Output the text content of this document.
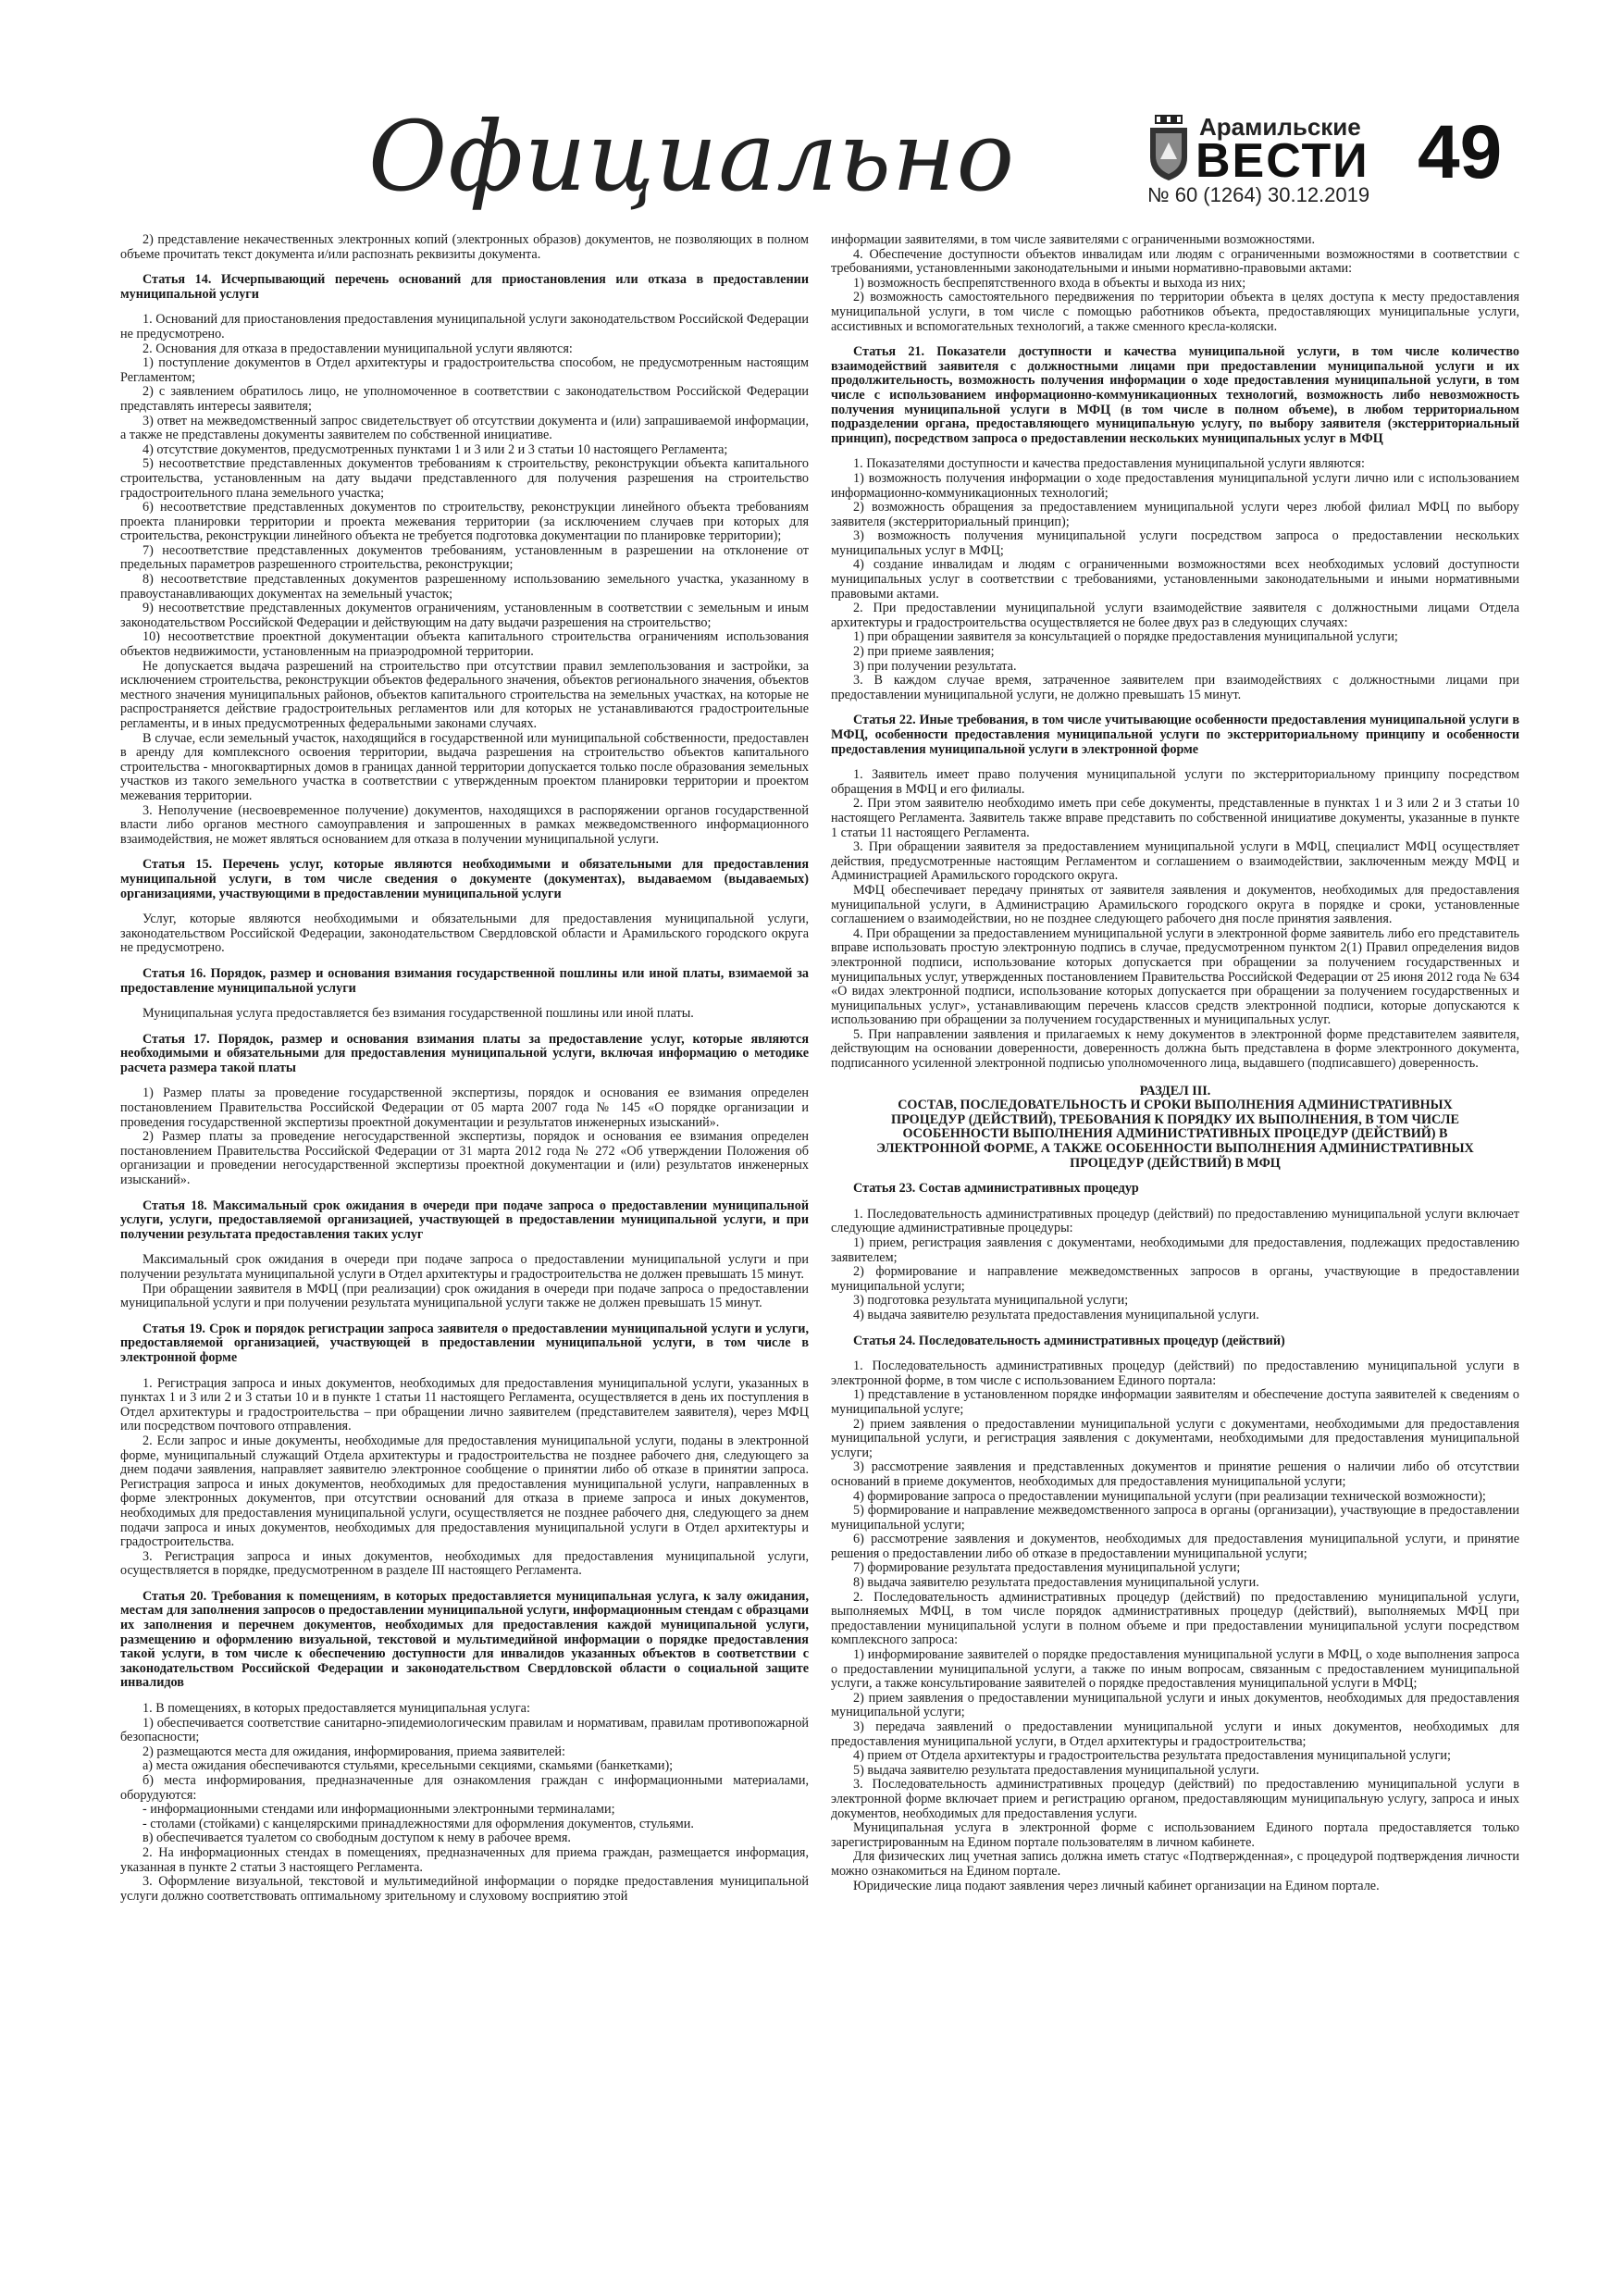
Официально	Арамильские
ВЕСТИ
№ 60 (1264) 30.12.2019
49

2) представление некачественных электронных копий (электронных образов) документов, не позволяющих в полном объеме прочитать текст документа и/или распознать реквизиты документа.

Статья 14. Исчерпывающий перечень оснований для приостановления или отказа в предоставлении муниципальной услуги

1. Оснований для приостановления предоставления муниципальной услуги законодательством Российской Федерации не предусмотрено.

2. Основания для отказа в предоставлении муниципальной услуги являются:

1) поступление документов в Отдел архитектуры и градостроительства способом, не предусмотренным настоящим Регламентом;

2) с заявлением обратилось лицо, не уполномоченное в соответствии с законодательством Российской Федерации представлять интересы заявителя;

3) ответ на межведомственный запрос свидетельствует об отсутствии документа и (или) запрашиваемой информации, а также не представлены документы заявителем по собственной инициативе.

4) отсутствие документов, предусмотренных пунктами 1 и 3 или 2 и 3 статьи 10 настоящего Регламента;

5) несоответствие представленных документов требованиям к строительству, реконструкции объекта капитального строительства, установленным на дату выдачи представленного для получения разрешения на строительство градостроительного плана земельного участка;

6) несоответствие представленных документов по строительству, реконструкции линейного объекта требованиям проекта планировки территории и проекта межевания территории (за исключением случаев при которых для строительства, реконструкции линейного объекта не требуется подготовка документации по планировке территории);

7) несоответствие представленных документов требованиям, установленным в разрешении на отклонение от предельных параметров разрешенного строительства, реконструкции;

8) несоответствие представленных документов разрешенному использованию земельного участка, указанному в правоустанавливающих документах на земельный участок;

9) несоответствие представленных документов ограничениям, установленным в соответствии с земельным и иным законодательством Российской Федерации и действующим на дату выдачи разрешения на строительство;

10) несоответствие проектной документации объекта капитального строительства ограничениям использования объектов недвижимости, установленным на приаэродромной территории.

Не допускается выдача разрешений на строительство при отсутствии правил землепользования и застройки, за исключением строительства, реконструкции объектов федерального значения, объектов регионального значения, объектов местного значения муниципальных районов, объектов капитального строительства на земельных участках, на которые не распространяется действие градостроительных регламентов или для которых не устанавливаются градостроительные регламенты, и в иных предусмотренных федеральными законами случаях.

В случае, если земельный участок, находящийся в государственной или муниципальной собственности, предоставлен в аренду для комплексного освоения территории, выдача разрешения на строительство объектов капитального строительства - многоквартирных домов в границах данной территории допускается только после образования земельных участков из такого земельного участка в соответствии с утвержденным проектом планировки территории и проектом межевания территории.

3. Неполучение (несвоевременное получение) документов, находящихся в распоряжении органов государственной власти либо органов местного самоуправления и запрошенных в рамках межведомственного информационного взаимодействия, не может являться основанием для отказа в получении муниципальной услуги.

Статья 15. Перечень услуг, которые являются необходимыми и обязательными для предоставления муниципальной услуги, в том числе сведения о документе (документах), выдаваемом (выдаваемых) организациями, участвующими в предоставлении муниципальной услуги

Услуг, которые являются необходимыми и обязательными для предоставления муниципальной услуги, законодательством Российской Федерации, законодательством Свердловской области и Арамильского городского округа не предусмотрено.

Статья 16. Порядок, размер и основания взимания государственной пошлины или иной платы, взимаемой за предоставление муниципальной услуги

Муниципальная услуга предоставляется без взимания государственной пошлины или иной платы.

Статья 17. Порядок, размер и основания взимания платы за предоставление услуг, которые являются необходимыми и обязательными для предоставления муниципальной услуги, включая информацию о методике расчета размера такой платы

1) Размер платы за проведение государственной экспертизы, порядок и основания ее взимания определен постановлением Правительства Российской Федерации от 05 марта 2007 года № 145 «О порядке организации и проведения государственной экспертизы проектной документации и результатов инженерных изысканий».

2) Размер платы за проведение негосударственной экспертизы, порядок и основания ее взимания определен постановлением Правительства Российской Федерации от 31 марта 2012 года № 272 «Об утверждении Положения об организации и проведении негосударственной экспертизы проектной документации и (или) результатов инженерных изысканий».

Статья 18. Максимальный срок ожидания в очереди при подаче запроса о предоставлении муниципальной услуги, услуги, предоставляемой организацией, участвующей в предоставлении муниципальной услуги, и при получении результата предоставления таких услуг

Максимальный срок ожидания в очереди при подаче запроса о предоставлении муниципальной услуги и при получении результата муниципальной услуги в Отдел архитектуры и градостроительства не должен превышать 15 минут.

При обращении заявителя в МФЦ (при реализации) срок ожидания в очереди при подаче запроса о предоставлении муниципальной услуги и при получении результата муниципальной услуги также не должен превышать 15 минут.

Статья 19. Срок и порядок регистрации запроса заявителя о предоставлении муниципальной услуги и услуги, предоставляемой организацией, участвующей в предоставлении муниципальной услуги, в том числе в электронной форме

1. Регистрация запроса и иных документов, необходимых для предоставления муниципальной услуги, указанных в пунктах 1 и 3 или 2 и 3 статьи 10 и в пункте 1 статьи 11 настоящего Регламента, осуществляется в день их поступления в Отдел архитектуры и градостроительства – при обращении лично заявителем (представителем заявителя), через МФЦ или посредством почтового отправления.

2. Если запрос и иные документы, необходимые для предоставления муниципальной услуги, поданы в электронной форме, муниципальный служащий Отдела архитектуры и градостроительства не позднее рабочего дня, следующего за днем подачи заявления, направляет заявителю электронное сообщение о принятии либо об отказе в принятии запроса. Регистрация запроса и иных документов, необходимых для предоставления муниципальной услуги, направленных в форме электронных документов, при отсутствии оснований для отказа в приеме запроса и иных документов, необходимых для предоставления муниципальной услуги, осуществляется не позднее рабочего дня, следующего за днем подачи запроса и иных документов, необходимых для предоставления муниципальной услуги в Отдел архитектуры и градостроительства.

3. Регистрация запроса и иных документов, необходимых для предоставления муниципальной услуги, осуществляется в порядке, предусмотренном в разделе III настоящего Регламента.

Статья 20. Требования к помещениям, в которых предоставляется муниципальная услуга, к залу ожидания, местам для заполнения запросов о предоставлении муниципальной услуги, информационным стендам с образцами их заполнения и перечнем документов, необходимых для предоставления каждой муниципальной услуги, размещению и оформлению визуальной, текстовой и мультимедийной информации о порядке предоставления такой услуги, в том числе к обеспечению доступности для инвалидов указанных объектов в соответствии с законодательством Российской Федерации и законодательством Свердловской области о социальной защите инвалидов

1. В помещениях, в которых предоставляется муниципальная услуга:

1) обеспечивается соответствие санитарно-эпидемиологическим правилам и нормативам, правилам противопожарной безопасности;

2) размещаются места для ожидания, информирования, приема заявителей:

а) места ожидания обеспечиваются стульями, кресельными секциями, скамьями (банкетками);

б) места информирования, предназначенные для ознакомления граждан с информационными материалами, оборудуются:

- информационными стендами или информационными электронными терминалами;

- столами (стойками) с канцелярскими принадлежностями для оформления документов, стульями.

в) обеспечивается туалетом со свободным доступом к нему в рабочее время.

2. На информационных стендах в помещениях, предназначенных для приема граждан, размещается информация, указанная в пункте 2 статьи 3 настоящего Регламента.

3. Оформление визуальной, текстовой и мультимедийной информации о порядке предоставления муниципальной услуги должно соответствовать оптимальному зрительному и слуховому восприятию этой

информации заявителями, в том числе заявителями с ограниченными возможностями.

4. Обеспечение доступности объектов инвалидам или людям с ограниченными возможностями в соответствии с требованиями, установленными законодательными и иными нормативно-правовыми актами:

1) возможность беспрепятственного входа в объекты и выхода из них;

2) возможность самостоятельного передвижения по территории объекта в целях доступа к месту предоставления муниципальной услуги, в том числе с помощью работников объекта, предоставляющих муниципальные услуги, ассистивных и вспомогательных технологий, а также сменного кресла-коляски.

Статья 21. Показатели доступности и качества муниципальной услуги, в том числе количество взаимодействий заявителя с должностными лицами при предоставлении муниципальной услуги и их продолжительность, возможность получения информации о ходе предоставления муниципальной услуги, в том числе с использованием информационно-коммуникационных технологий, возможность либо невозможность получения муниципальной услуги в МФЦ (в том числе в полном объеме), в любом территориальном подразделении органа, предоставляющего муниципальную услугу, по выбору заявителя (экстерриториальный принцип), посредством запроса о предоставлении нескольких муниципальных услуг в МФЦ

1. Показателями доступности и качества предоставления муниципальной услуги являются:

1) возможность получения информации о ходе предоставления муниципальной услуги лично или с использованием информационно-коммуникационных технологий;

2) возможность обращения за предоставлением муниципальной услуги через любой филиал МФЦ по выбору заявителя (экстерриториальный принцип);

3) возможность получения муниципальной услуги посредством запроса о предоставлении нескольких муниципальных услуг в МФЦ;

4) создание инвалидам и людям с ограниченными возможностями всех необходимых условий доступности муниципальных услуг в соответствии с требованиями, установленными законодательными и иными нормативными правовыми актами.

2. При предоставлении муниципальной услуги взаимодействие заявителя с должностными лицами Отдела архитектуры и градостроительства осуществляется не более двух раз в следующих случаях:

1) при обращении заявителя за консультацией о порядке предоставления муниципальной услуги;

2) при приеме заявления;

3) при получении результата.

3. В каждом случае время, затраченное заявителем при взаимодействиях с должностными лицами при предоставлении муниципальной услуги, не должно превышать 15 минут.

Статья 22. Иные требования, в том числе учитывающие особенности предоставления муниципальной услуги в МФЦ, особенности предоставления муниципальной услуги по экстерриториальному принципу и особенности предоставления муниципальной услуги в электронной форме

1. Заявитель имеет право получения муниципальной услуги по экстерриториальному принципу посредством обращения в МФЦ и его филиалы.

2. При этом заявителю необходимо иметь при себе документы, представленные в пунктах 1 и 3 или 2 и 3 статьи 10 настоящего Регламента. Заявитель также вправе представить по собственной инициативе документы, указанные в пункте 1 статьи 11 настоящего Регламента.

3. При обращении заявителя за предоставлением муниципальной услуги в МФЦ, специалист МФЦ осуществляет действия, предусмотренные настоящим Регламентом и соглашением о взаимодействии, заключенным между МФЦ и Администрацией Арамильского городского округа.

МФЦ обеспечивает передачу принятых от заявителя заявления и документов, необходимых для предоставления муниципальной услуги, в Администрацию Арамильского городского округа в порядке и сроки, установленные соглашением о взаимодействии, но не позднее следующего рабочего дня после принятия заявления.

4. При обращении за предоставлением муниципальной услуги в электронной форме заявитель либо его представитель вправе использовать простую электронную подпись в случае, предусмотренном пунктом 2(1) Правил определения видов электронной подписи, использование которых допускается при обращении за получением государственных и муниципальных услуг, утвержденных постановлением Правительства Российской Федерации от 25 июня 2012 года № 634 «О видах электронной подписи, использование которых допускается при обращении за получением государственных и муниципальных услуг», устанавливающим перечень классов средств электронной подписи, которые допускаются к использованию при обращении за получением государственных и муниципальных услуг.

5. При направлении заявления и прилагаемых к нему документов в электронной форме представителем заявителя, действующим на основании доверенности, доверенность должна быть представлена в форме электронного документа, подписанного усиленной электронной подписью уполномоченного лица, выдавшего (подписавшего) доверенность.

РАЗДЕЛ III.
СОСТАВ, ПОСЛЕДОВАТЕЛЬНОСТЬ И СРОКИ ВЫПОЛНЕНИЯ АДМИНИСТРАТИВНЫХ ПРОЦЕДУР (ДЕЙСТВИЙ), ТРЕБОВАНИЯ К ПОРЯДКУ ИХ ВЫПОЛНЕНИЯ, В ТОМ ЧИСЛЕ ОСОБЕННОСТИ ВЫПОЛНЕНИЯ АДМИНИСТРАТИВНЫХ ПРОЦЕДУР (ДЕЙСТВИЙ) В ЭЛЕКТРОННОЙ ФОРМЕ, А ТАКЖЕ ОСОБЕННОСТИ ВЫПОЛНЕНИЯ АДМИНИСТРАТИВНЫХ ПРОЦЕДУР (ДЕЙСТВИЙ) В МФЦ
Статья 23. Состав административных процедур

1. Последовательность административных процедур (действий) по предоставлению муниципальной услуги включает следующие административные процедуры:

1) прием, регистрация заявления с документами, необходимыми для предоставления, подлежащих предоставлению заявителем;

2) формирование и направление межведомственных запросов в органы, участвующие в предоставлении муниципальной услуги;

3) подготовка результата муниципальной услуги;

4) выдача заявителю результата предоставления муниципальной услуги.

Статья 24. Последовательность административных процедур (действий)

1. Последовательность административных процедур (действий) по предоставлению муниципальной услуги в электронной форме, в том числе с использованием Единого портала:

1) представление в установленном порядке информации заявителям и обеспечение доступа заявителей к сведениям о муниципальной услуге;

2) прием заявления о предоставлении муниципальной услуги с документами, необходимыми для предоставления муниципальной услуги, и регистрация заявления с документами, необходимыми для предоставления муниципальной услуги;

3) рассмотрение заявления и представленных документов и принятие решения о наличии либо об отсутствии оснований в приеме документов, необходимых для предоставления муниципальной услуги;

4) формирование запроса о предоставлении муниципальной услуги (при реализации технической возможности);

5) формирование и направление межведомственного запроса в органы (организации), участвующие в предоставлении муниципальной услуги;

6) рассмотрение заявления и документов, необходимых для предоставления муниципальной услуги, и принятие решения о предоставлении либо об отказе в предоставлении муниципальной услуги;

7) формирование результата предоставления муниципальной услуги;

8) выдача заявителю результата предоставления муниципальной услуги.

2. Последовательность административных процедур (действий) по предоставлению муниципальной услуги, выполняемых МФЦ, в том числе порядок административных процедур (действий), выполняемых МФЦ при предоставлении муниципальной услуги в полном объеме и при предоставлении муниципальной услуги посредством комплексного запроса:

1) информирование заявителей о порядке предоставления муниципальной услуги в МФЦ, о ходе выполнения запроса о предоставлении муниципальной услуги, а также по иным вопросам, связанным с предоставлением муниципальной услуги, а также консультирование заявителей о порядке предоставления муниципальной услуги в МФЦ;

2) прием заявления о предоставлении муниципальной услуги и иных документов, необходимых для предоставления муниципальной услуги;

3) передача заявлений о предоставлении муниципальной услуги и иных документов, необходимых для предоставления муниципальной услуги, в Отдел архитектуры и градостроительства;

4) прием от Отдела архитектуры и градостроительства результата предоставления муниципальной услуги;

5) выдача заявителю результата предоставления муниципальной услуги.

3. Последовательность административных процедур (действий) по предоставлению муниципальной услуги в электронной форме включает прием и регистрацию органом, предоставляющим муниципальную услугу, запроса и иных документов, необходимых для предоставления услуги.

Муниципальная услуга в электронной форме с использованием Единого портала предоставляется только зарегистрированным на Едином портале пользователям в личном кабинете.

Для физических лиц учетная запись должна иметь статус «Подтвержденная», с процедурой подтверждения личности можно ознакомиться на Едином портале.

Юридические лица подают заявления через личный кабинет организации на Едином портале.
